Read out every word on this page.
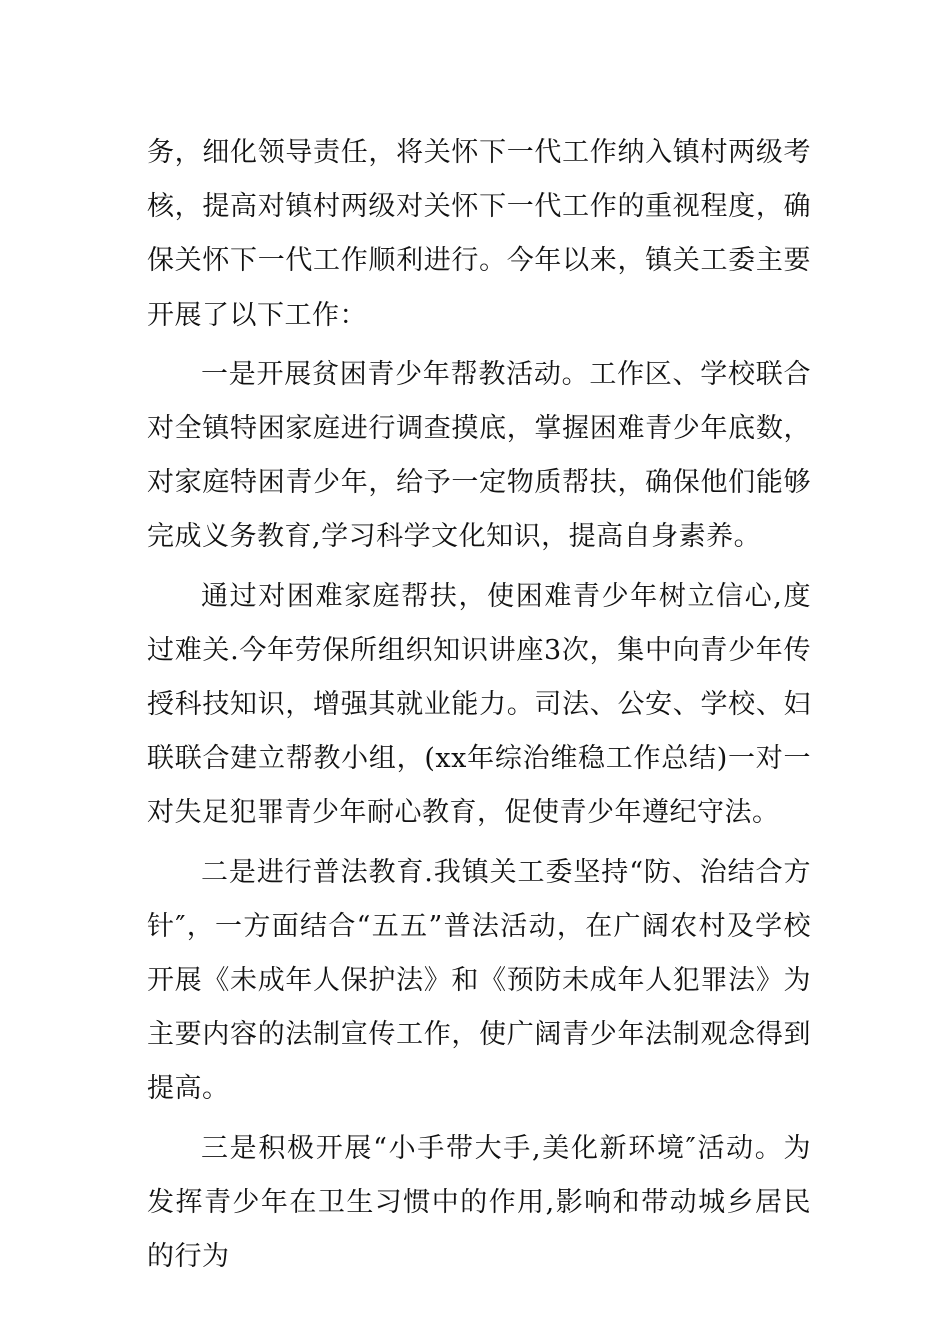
务，细化领导责任，将关怀下一代工作纳入镇村两级考核，提高对镇村两级对关怀下一代工作的重视程度，确保关怀下一代工作顺利进行。今年以来，镇关工委主要开展了以下工作：

一是开展贫困青少年帮教活动。工作区、学校联合对全镇特困家庭进行调查摸底，掌握困难青少年底数，对家庭特困青少年，给予一定物质帮扶，确保他们能够完成义务教育,学习科学文化知识，提高自身素养。

通过对困难家庭帮扶，使困难青少年树立信心,度过难关.今年劳保所组织知识讲座3次，集中向青少年传授科技知识，增强其就业能力。司法、公安、学校、妇联联合建立帮教小组，(xx年综治维稳工作总结)一对一对失足犯罪青少年耐心教育，促使青少年遵纪守法。

二是进行普法教育.我镇关工委坚持“防、治结合方针″，一方面结合“五五”普法活动，在广阔农村及学校开展《未成年人保护法》和《预防未成年人犯罪法》为主要内容的法制宣传工作，使广阔青少年法制观念得到提高。

三是积极开展“小手带大手,美化新环境″活动。为发挥青少年在卫生习惯中的作用,影响和带动城乡居民的行为
